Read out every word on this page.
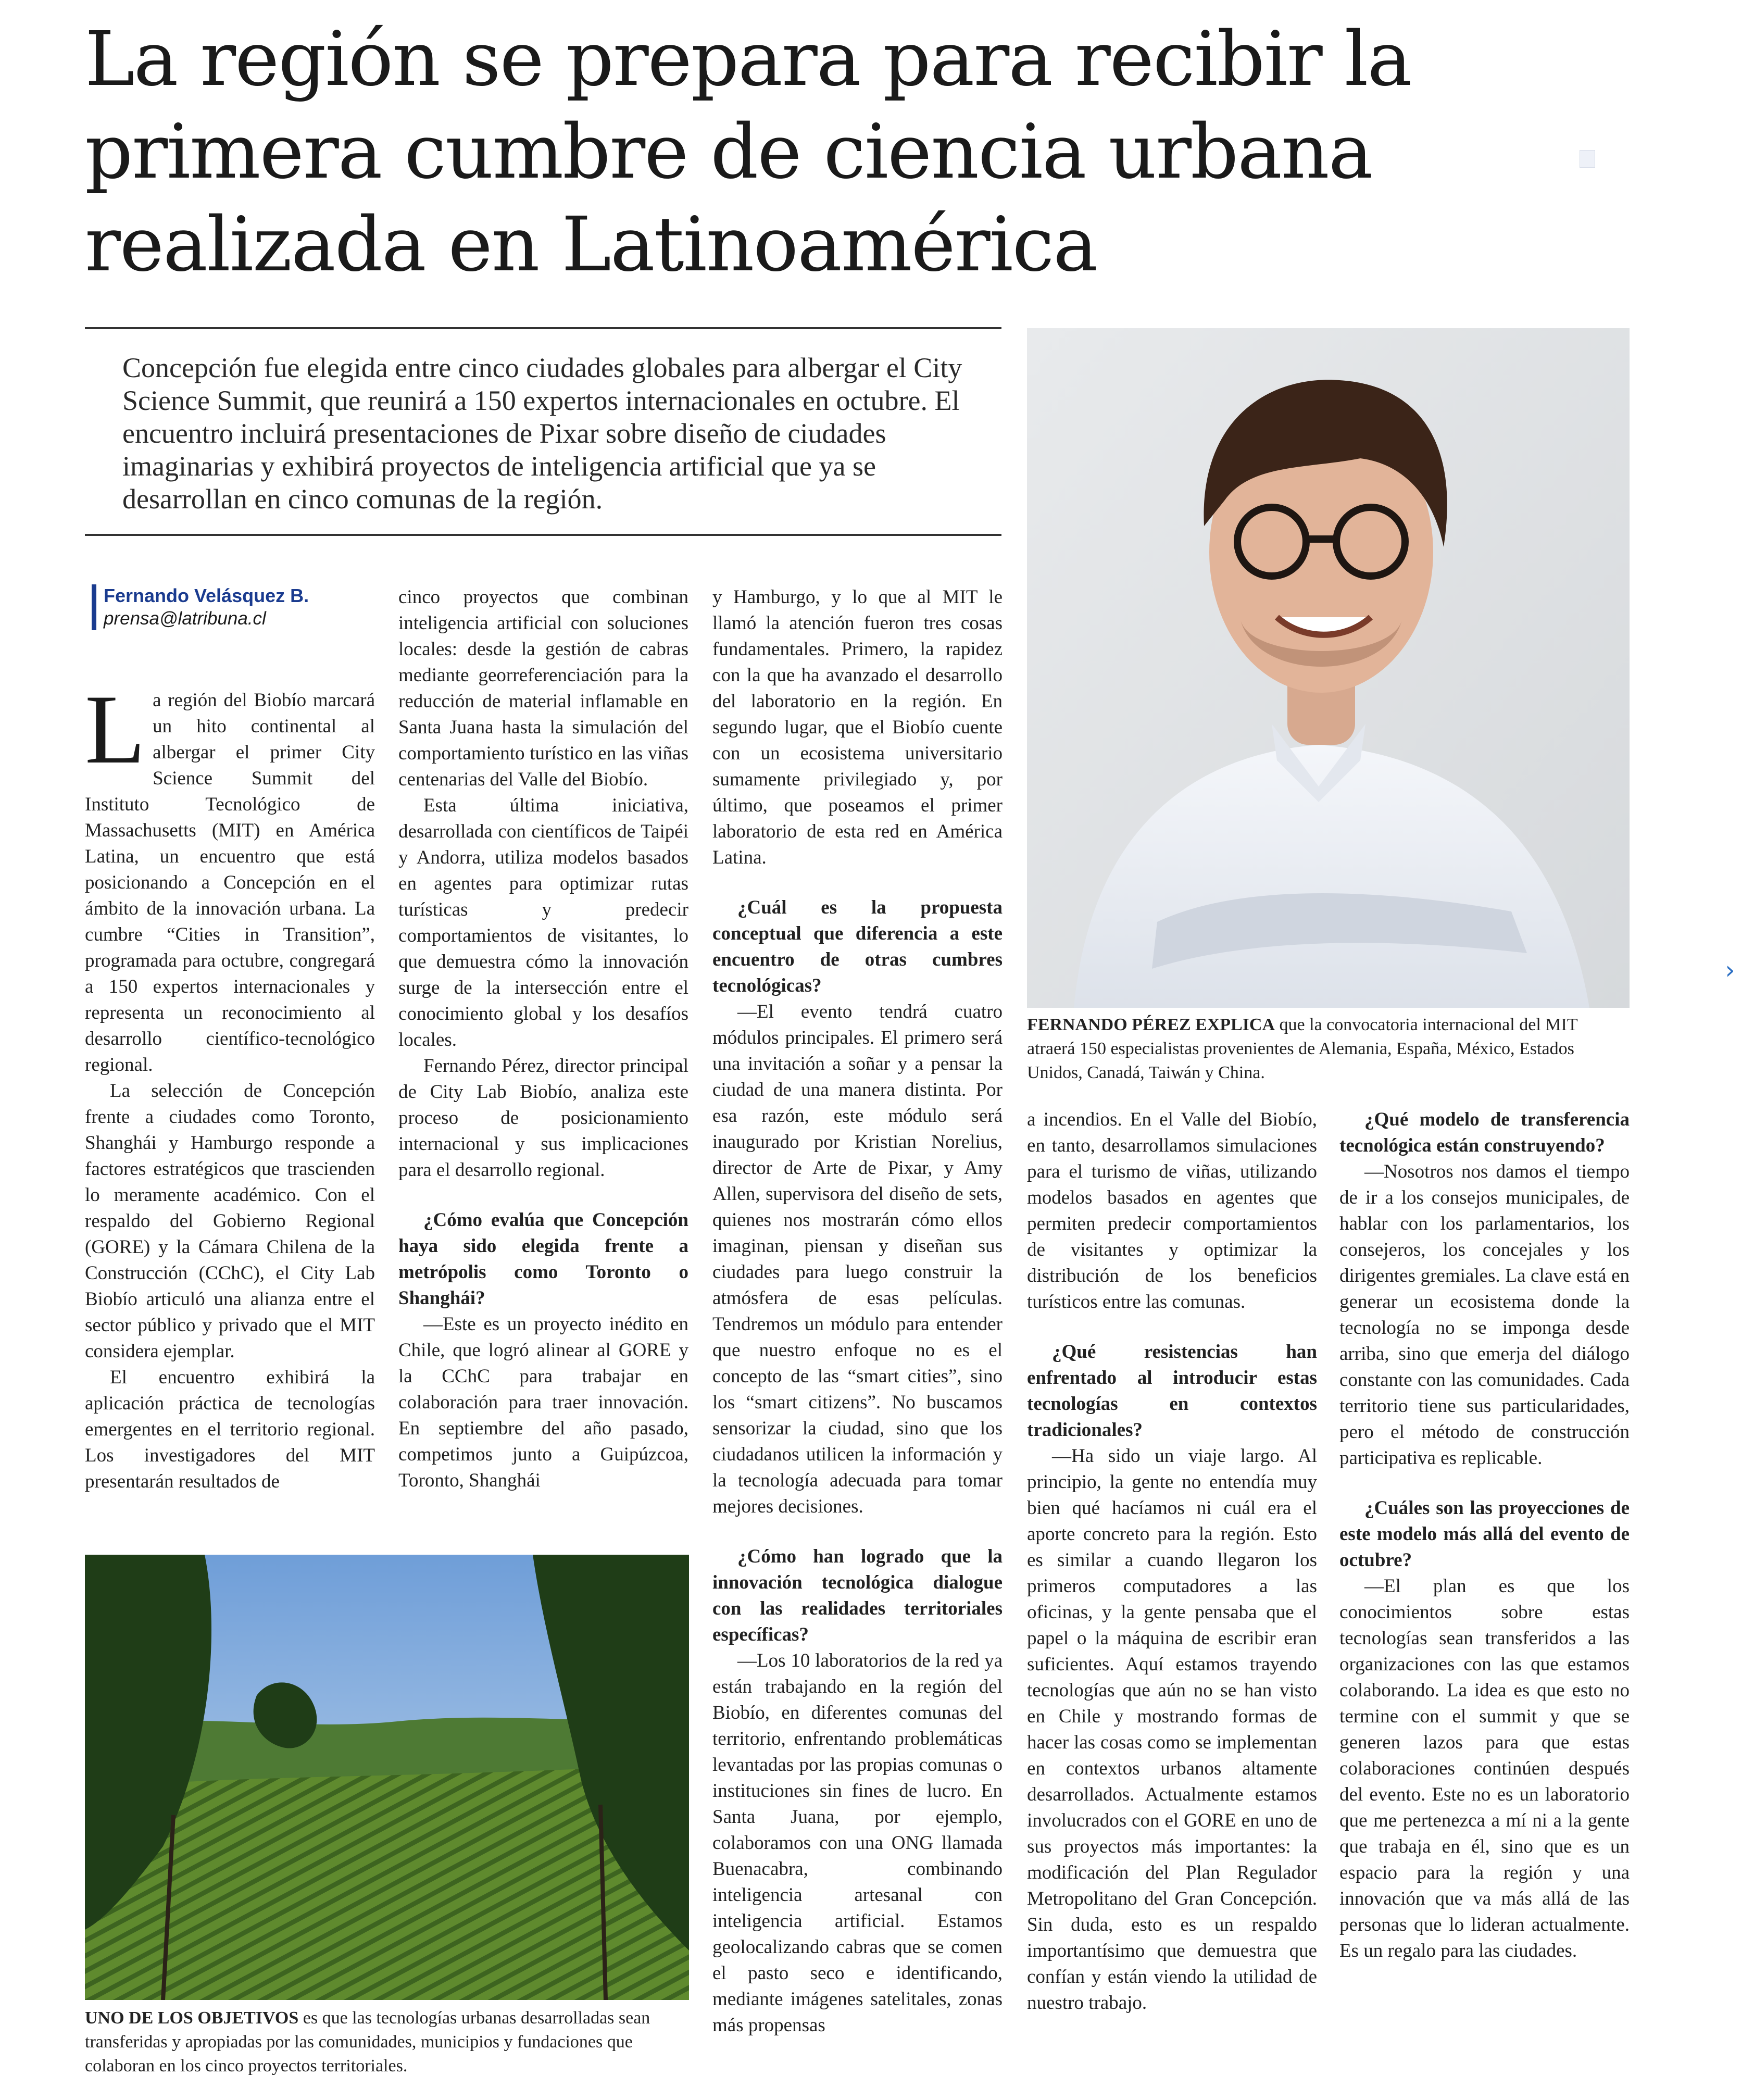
La región se prepara para recibir la primera cumbre de ciencia urbana realizada en Latinoamérica

Concepción fue elegida entre cinco ciudades globales para albergar el City Science Summit, que reunirá a 150 expertos internacionales en octubre. El encuentro incluirá presentaciones de Pixar sobre diseño de ciudades imaginarias y exhibirá proyectos de inteligencia artificial que ya se desarrollan en cinco comunas de la región.

Fernando Velásquez B.
prensa@latribuna.cl

La región del Biobío marcará un hito continental al albergar el primer City Science Summit del Instituto Tecnológico de Massachusetts (MIT) en América Latina, un encuentro que está posicionando a Concepción en el ámbito de la innovación urbana. La cumbre “Cities in Transition”, programada para octubre, congregará a 150 expertos internacionales y representa un reconocimiento al desarrollo científico-tecnológico regional.

La selección de Concepción frente a ciudades como Toronto, Shanghái y Hamburgo responde a factores estratégicos que trascienden lo meramente académico. Con el respaldo del Gobierno Regional (GORE) y la Cámara Chilena de la Construcción (CChC), el City Lab Biobío articuló una alianza entre el sector público y privado que el MIT considera ejemplar.

El encuentro exhibirá la aplicación práctica de tecnologías emergentes en el territorio regional. Los investigadores del MIT presentarán resultados de

cinco proyectos que combinan inteligencia artificial con soluciones locales: desde la gestión de cabras mediante georreferenciación para la reducción de material inflamable en Santa Juana hasta la simulación del comportamiento turístico en las viñas centenarias del Valle del Biobío.

Esta última iniciativa, desarrollada con científicos de Taipéi y Andorra, utiliza modelos basados en agentes para optimizar rutas turísticas y predecir comportamientos de visitantes, lo que demuestra cómo la innovación surge de la intersección entre el conocimiento global y los desafíos locales.

Fernando Pérez, director principal de City Lab Biobío, analiza este proceso de posicionamiento internacional y sus implicaciones para el desarrollo regional.

¿Cómo evalúa que Concepción haya sido elegida frente a metrópolis como Toronto o Shanghái?

—Este es un proyecto inédito en Chile, que logró alinear al GORE y la CChC para trabajar en colaboración para traer innovación. En septiembre del año pasado, competimos junto a Guipúzcoa, Toronto, Shanghái

y Hamburgo, y lo que al MIT le llamó la atención fueron tres cosas fundamentales. Primero, la rapidez con la que ha avanzado el desarrollo del laboratorio en la región. En segundo lugar, que el Biobío cuente con un ecosistema universitario sumamente privilegiado y, por último, que poseamos el primer laboratorio de esta red en América Latina.

¿Cuál es la propuesta conceptual que diferencia a este encuentro de otras cumbres tecnológicas?

—El evento tendrá cuatro módulos principales. El primero será una invitación a soñar y a pensar la ciudad de una manera distinta. Por esa razón, este módulo será inaugurado por Kristian Norelius, director de Arte de Pixar, y Amy Allen, supervisora del diseño de sets, quienes nos mostrarán cómo ellos imaginan, piensan y diseñan sus ciudades para luego construir la atmósfera de esas películas. Tendremos un módulo para entender que nuestro enfoque no es el concepto de las “smart cities”, sino los “smart citizens”. No buscamos sensorizar la ciudad, sino que los ciudadanos utilicen la información y la tecnología adecuada para tomar mejores decisiones.

¿Cómo han logrado que la innovación tecnológica dialogue con las realidades territoriales específicas?

—Los 10 laboratorios de la red ya están trabajando en la región del Biobío, en diferentes comunas del territorio, enfrentando problemáticas levantadas por las propias comunas o instituciones sin fines de lucro. En Santa Juana, por ejemplo, colaboramos con una ONG llamada Buenacabra, combinando inteligencia artesanal con inteligencia artificial. Estamos geolocalizando cabras que se comen el pasto seco e identificando, mediante imágenes satelitales, zonas más propensas

a incendios. En el Valle del Biobío, en tanto, desarrollamos simulaciones para el turismo de viñas, utilizando modelos basados en agentes que permiten predecir comportamientos de visitantes y optimizar la distribución de los beneficios turísticos entre las comunas.

¿Qué resistencias han enfrentado al introducir estas tecnologías en contextos tradicionales?

—Ha sido un viaje largo. Al principio, la gente no entendía muy bien qué hacíamos ni cuál era el aporte concreto para la región. Esto es similar a cuando llegaron los primeros computadores a las oficinas, y la gente pensaba que el papel o la máquina de escribir eran suficientes. Aquí estamos trayendo tecnologías que aún no se han visto en Chile y mostrando formas de hacer las cosas como se implementan en contextos urbanos altamente desarrollados. Actualmente estamos involucrados con el GORE en uno de sus proyectos más importantes: la modificación del Plan Regulador Metropolitano del Gran Concepción. Sin duda, esto es un respaldo importantísimo que demuestra que confían y están viendo la utilidad de nuestro trabajo.

¿Qué modelo de transferencia tecnológica están construyendo?

—Nosotros nos damos el tiempo de ir a los consejos municipales, de hablar con los parlamentarios, los consejeros, los concejales y los dirigentes gremiales. La clave está en generar un ecosistema donde la tecnología no se imponga desde arriba, sino que emerja del diálogo constante con las comunidades. Cada territorio tiene sus particularidades, pero el método de construcción participativa es replicable.

¿Cuáles son las proyecciones de este modelo más allá del evento de octubre?

—El plan es que los conocimientos sobre estas tecnologías sean transferidos a las organizaciones con las que estamos colaborando. La idea es que esto no termine con el summit y que se generen lazos para que estas colaboraciones continúen después del evento. Este no es un laboratorio que me pertenezca a mí ni a la gente que trabaja en él, sino que es un espacio para la región y una innovación que va más allá de las personas que lo lideran actualmente. Es un regalo para las ciudades.

FERNANDO PÉREZ EXPLICA que la convocatoria internacional del MIT atraerá 150 especialistas provenientes de Alemania, España, México, Estados Unidos, Canadá, Taiwán y China.
UNO DE LOS OBJETIVOS es que las tecnologías urbanas desarrolladas sean transferidas y apropiadas por las comunidades, municipios y fundaciones que colaboran en los cinco proyectos territoriales.
›
